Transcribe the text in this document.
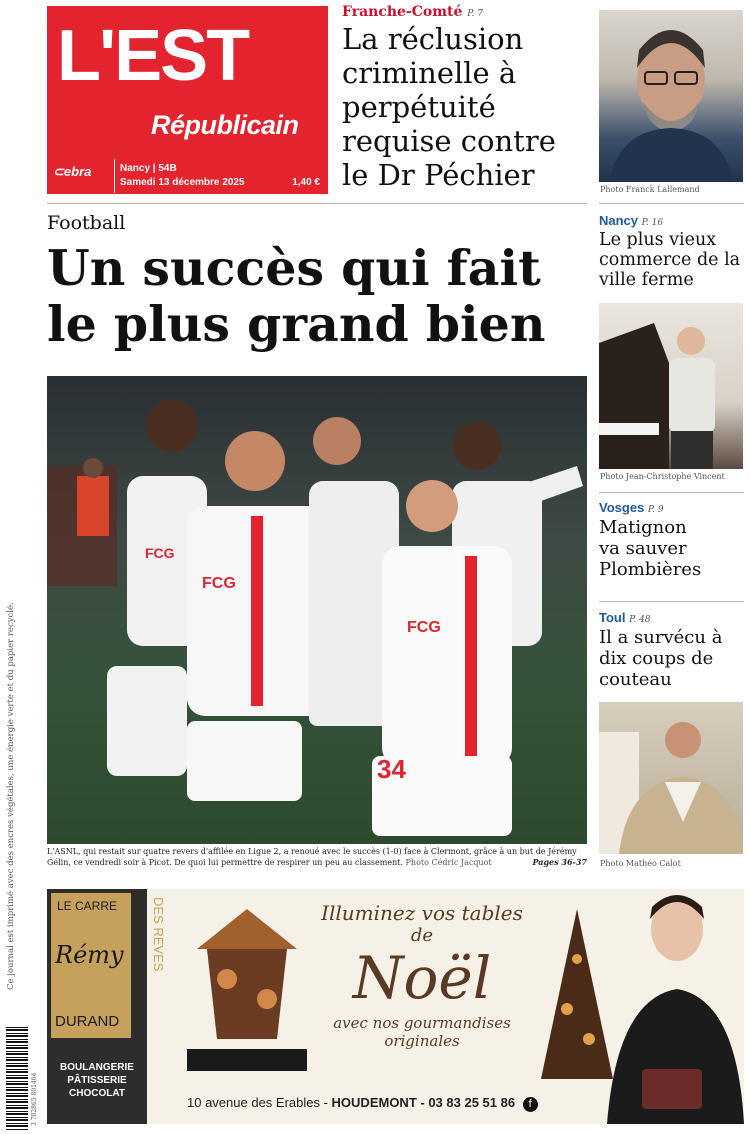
L'EST
Républicain
⊂ebra	Nancy | 54B
Samedi 13 décembre 2025	1,40 €
Franche-Comté P. 7
La réclusion criminelle à perpétuité requise contre le Dr Péchier	Photo Franck Lallemand
Football
Un succès qui fait
le plus grand bien
FCG
FCG
FCG
34
L'ASNL, qui restait sur quatre revers d'affilée en Ligue 2, a renoué avec le succès (1-0) face à Clermont, grâce à un but de Jérémy Gélin, ce vendredi soir à Picot. De quoi lui permettre de respirer un peu au classement. Photo Cédric Jacquot	Pages 36-37
Nancy P. 16
Le plus vieux commerce de la ville ferme
Photo Jean-Christophe Vincent
Vosges P. 9
Matignon va sauver Plombières
Toul P. 48
Il a survécu à dix coups de couteau
Photo Mathéo Calot
Ce journal est imprimé avec des encres végétales, une énergie verte et du papier recyclé.
3 782865 801404
LE CARRE
Rémy
DURAND
DES REVES
BOULANGERIE
PÂTISSERIE
CHOCOLAT
Illuminez vos tables
de
Noël
avec nos gourmandises
originales
10 avenue des Erables - HOUDEMONT - 03 83 25 51 86 f
